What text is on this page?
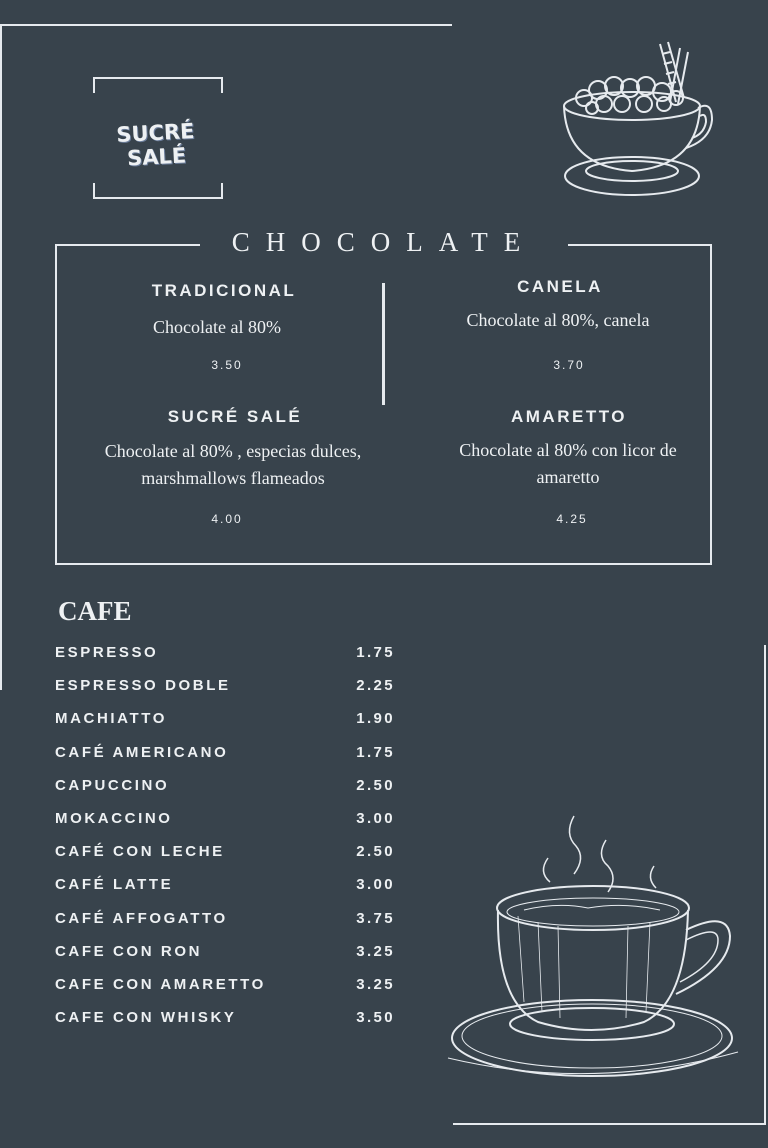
SUCRÉ SALÉ
CHOCOLATE
TRADICIONAL
Chocolate al 80%
3.50
CANELA
Chocolate al 80%, canela
3.70
SUCRÉ SALÉ
Chocolate al 80% , especias dulces,
marshmallows flameados
4.00
AMARETTO
Chocolate al 80% con licor de
amaretto
4.25
CAFE
ESPRESSO	1.75
ESPRESSO DOBLE	2.25
MACHIATTO	1.90
CAFÉ AMERICANO	1.75
CAPUCCINO	2.50
MOKACCINO	3.00
CAFÉ CON LECHE	2.50
CAFÉ LATTE	3.00
CAFÉ AFFOGATTO	3.75
CAFE CON RON	3.25
CAFE CON AMARETTO	3.25
CAFE CON WHISKY	3.50
